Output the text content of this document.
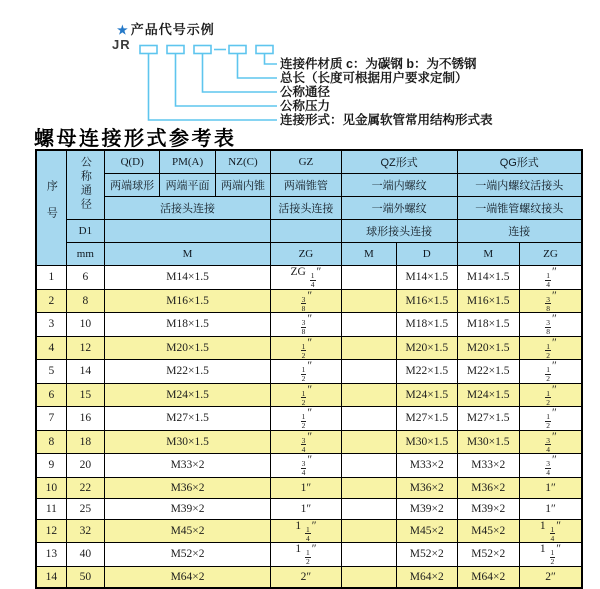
★ 产品代号示例
JR
连接件材质 c：为碳钢 b：为不锈钢
总长（长度可根据用户要求定制）
公称通径
公称压力
连接形式：见金属软管常用结构形式表
螺母连接形式参考表
序号	公称通径	Q(D)	PM(A)	NZ(C)	GZ	QZ形式		QG形式	
		两端球形	两端平面	两端内锥	两端锥管	一端内螺纹		一端内螺纹活接头	
		活接头连接			活接头连接	一端外螺纹		一端锥管螺纹接头	
	D1					球形接头连接		连接	
	mm	M			ZG	M	D	M	ZG
1	6	M14×1.5			ZG $\frac{1}{4}$ ″		M14×1.5	M14×1.5	$\frac{1}{4}$ ″
2	8	M16×1.5			$\frac{3}{8}$ ″		M16×1.5	M16×1.5	$\frac{3}{8}$ ″
3	10	M18×1.5			$\frac{3}{8}$ ″		M18×1.5	M18×1.5	$\frac{3}{8}$ ″
4	12	M20×1.5			$\frac{1}{2}$ ″		M20×1.5	M20×1.5	$\frac{1}{2}$ ″
5	14	M22×1.5			$\frac{1}{2}$ ″		M22×1.5	M22×1.5	$\frac{1}{2}$ ″
6	15	M24×1.5			$\frac{1}{2}$ ″		M24×1.5	M24×1.5	$\frac{1}{2}$ ″
7	16	M27×1.5			$\frac{1}{2}$ ″		M27×1.5	M27×1.5	$\frac{1}{2}$ ″
8	18	M30×1.5			$\frac{3}{4}$ ″		M30×1.5	M30×1.5	$\frac{3}{4}$ ″
9	20	M33×2			$\frac{3}{4}$ ″		M33×2	M33×2	$\frac{3}{4}$ ″
10	22	M36×2			1″		M36×2	M36×2	1″
11	25	M39×2			1″		M39×2	M39×2	1″
12	32	M45×2			$1 \frac{1}{4}$ ″		M45×2	M45×2	$1 \frac{1}{4}$ ″
13	40	M52×2			$1 \frac{1}{2}$ ″		M52×2	M52×2	$1 \frac{1}{2}$ ″
14	50	M64×2			2″		M64×2	M64×2	2″
